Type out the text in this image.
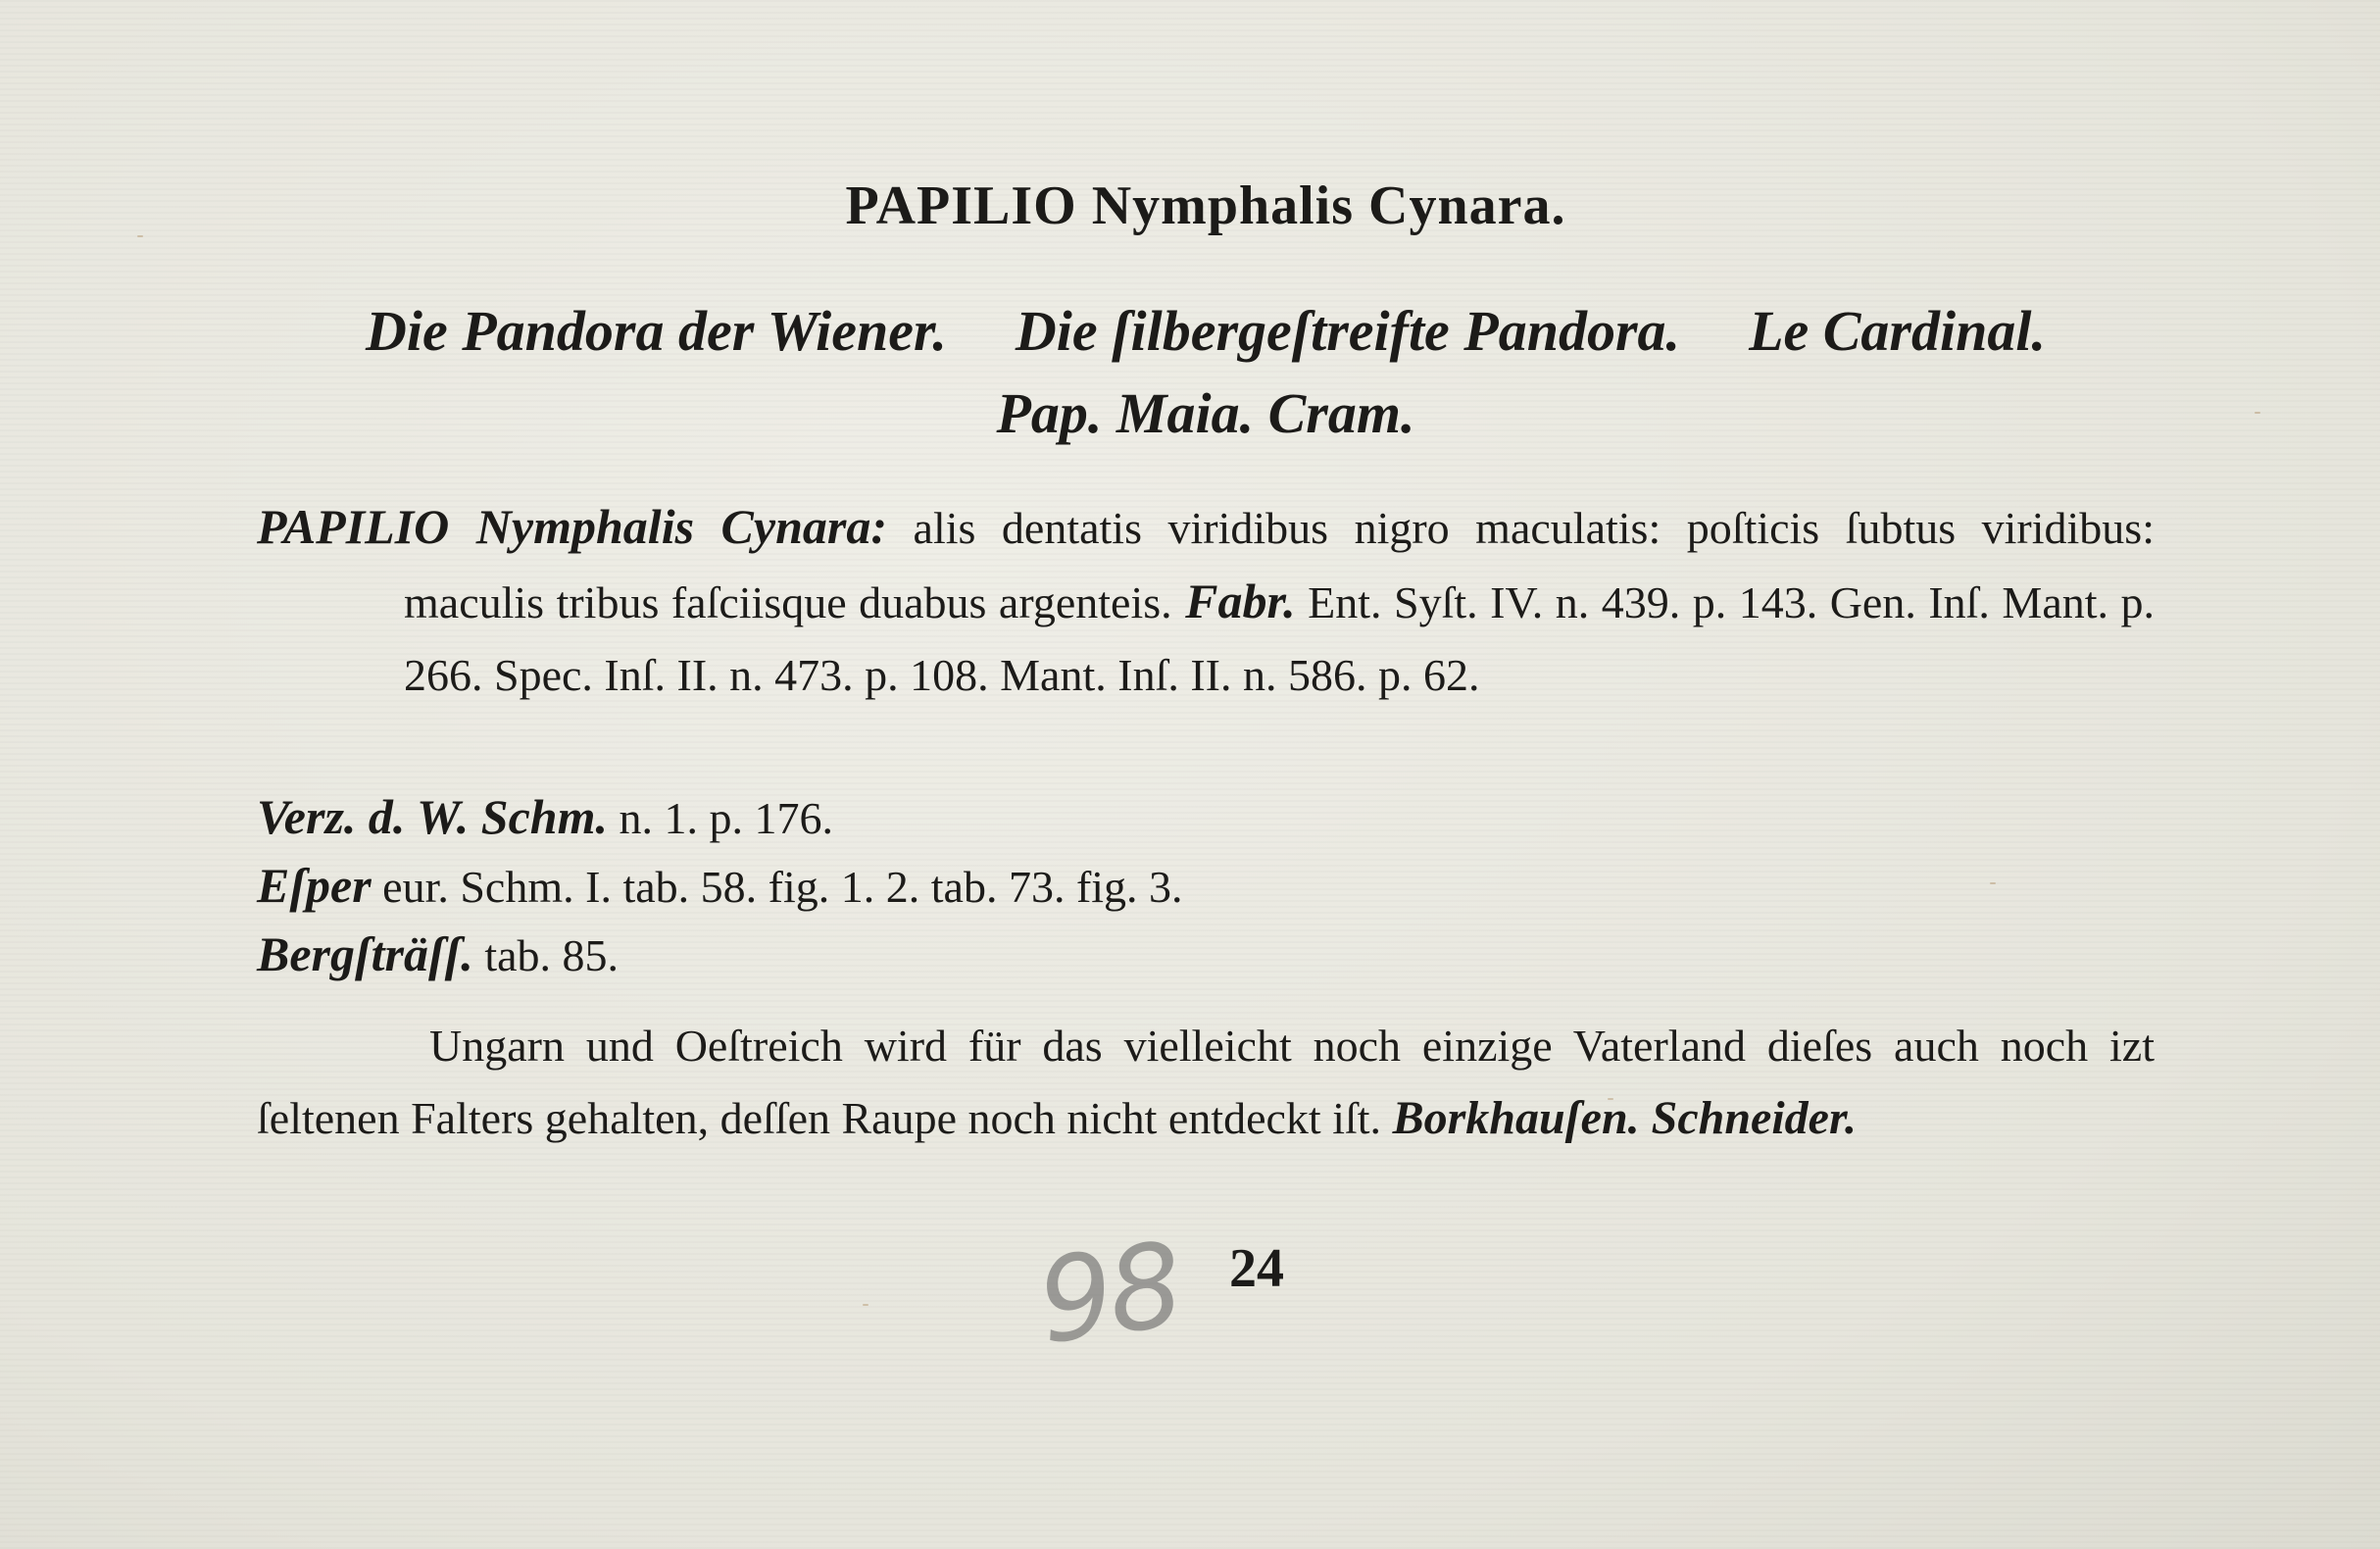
PAPILIO Nymphalis Cynara.
Die Pandora der Wiener. Die ſilbergeſtreifte Pandora. Le Cardinal.
Pap. Maia. Cram.

PAPILIO Nymphalis Cynara: alis dentatis viridibus nigro maculatis: poſticis ſubtus viridibus: maculis tribus faſciisque duabus argenteis. Fabr. Ent. Syſt. IV. n. 439. p. 143. Gen. Inſ. Mant. p. 266. Spec. Inſ. II. n. 473. p. 108. Mant. Inſ. II. n. 586. p. 62.

Verz. d. W. Schm. n. 1. p. 176.

Eſper eur. Schm. I. tab. 58. fig. 1. 2. tab. 73. fig. 3.

Bergſträſſ. tab. 85.

Ungarn und Oeſtreich wird für das vielleicht noch einzige Vaterland dieſes auch noch izt ſeltenen Falters gehalten, deſſen Raupe noch nicht entdeckt iſt. Borkhauſen. Schneider.

98 24
